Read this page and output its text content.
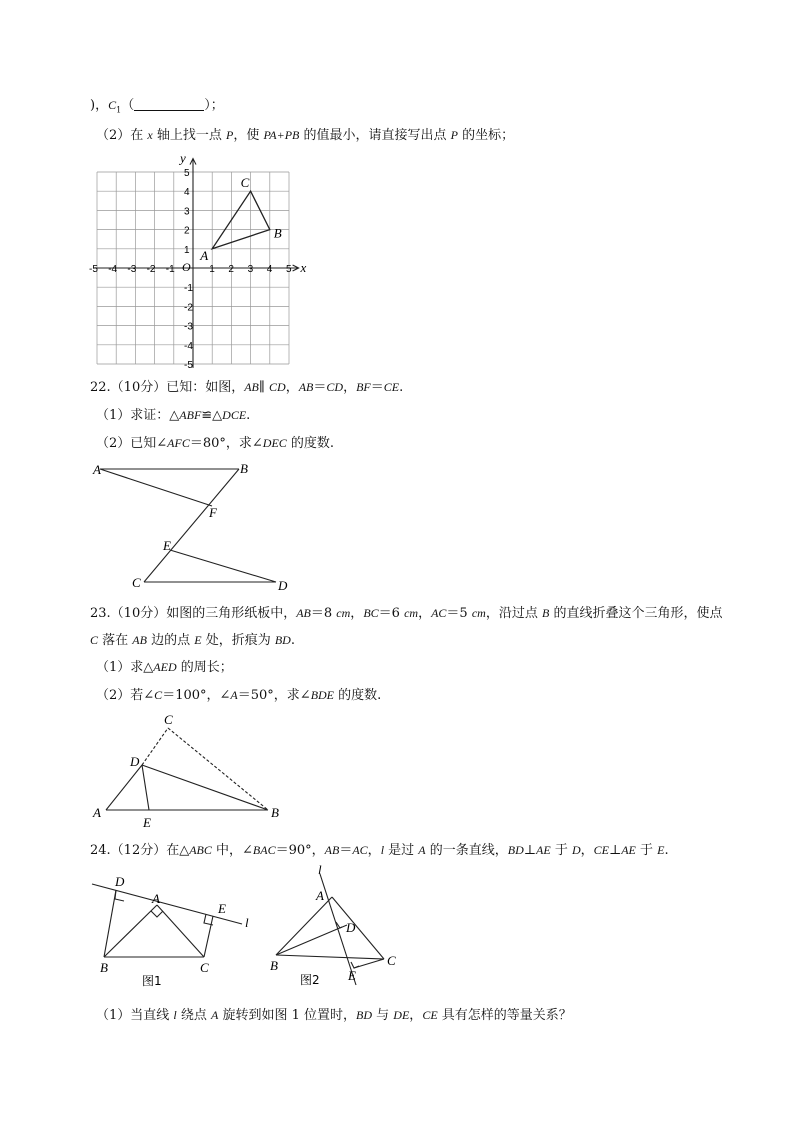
)，$C_1$（	）；
（2）在 x 轴上找一点 P，使 PA+PB 的值最小，请直接写出点 P 的坐标；
x
y
O
-5 -4 -3 -2 -1	1 2 3 4 5
5
4
3
2
1
-1
-2
-3
-4
-5
A
B
C
22.（10分）已知：如图，AB∥ CD，AB＝CD，BF＝CE.
（1）求证：△ABF≌△DCE.
（2）已知∠AFC＝80°，求∠DEC 的度数.
A	B
F
E
C	D
23.（10分）如图的三角形纸板中，AB＝8 cm，BC＝6 cm，AC＝5 cm，沿过点 B 的直线折叠这个三角形，使点
C 落在 AB 边的点 E 处，折痕为 BD.
（1）求△AED 的周长；
（2）若∠C＝100°，∠A＝50°，求∠BDE 的度数.
C
D
A
E
B
24.（12分）在△ABC 中，∠BAC＝90°，AB＝AC，l 是过 A 的一条直线，BD⊥AE 于 D，CE⊥AE 于 E.
D
A
E
l
B	C
图1
l
A
D
B
E
C
图2
（1）当直线 l 绕点 A 旋转到如图 1 位置时，BD 与 DE，CE 具有怎样的等量关系？
